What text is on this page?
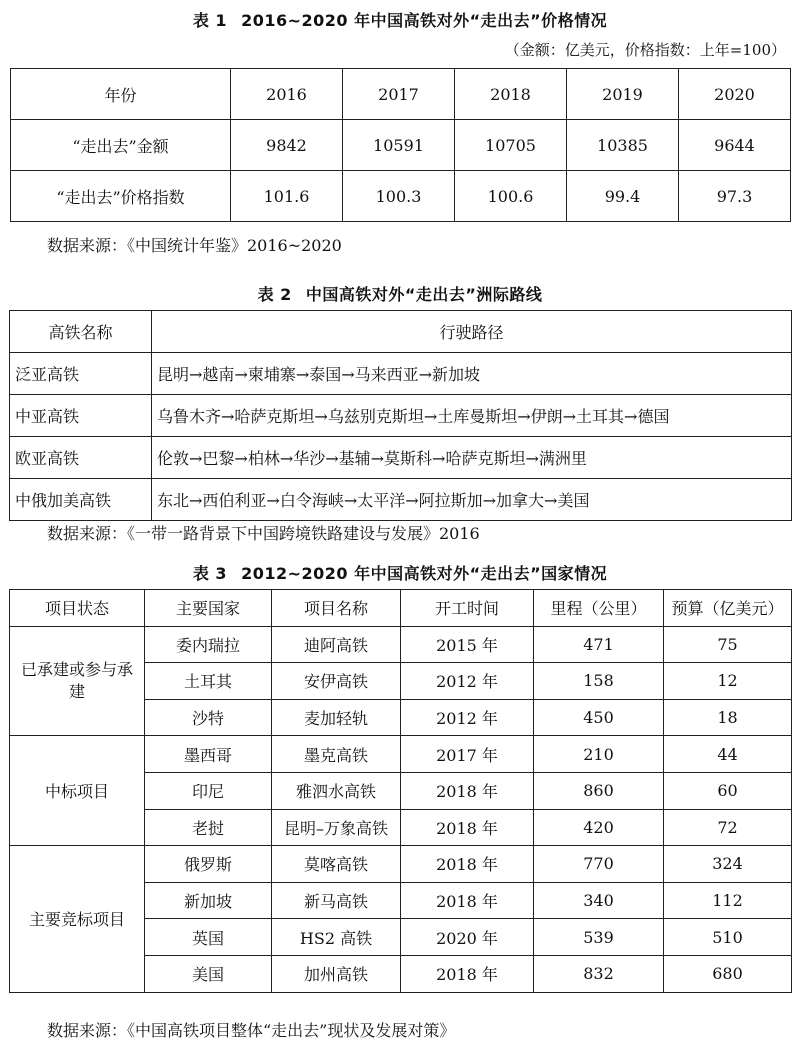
表 1 2016~2020 年中国高铁对外“走出去”价格情况
（金额：亿美元，价格指数：上年=100）
年份	2016	2017	2018	2019	2020
“走出去”金额	9842	10591	10705	10385	9644
“走出去”价格指数	101.6	100.3	100.6	99.4	97.3
数据来源：《中国统计年鉴》2016~2020
表 2 中国高铁对外“走出去”洲际路线
高铁名称	行驶路径
泛亚高铁	昆明→越南→柬埔寨→泰国→马来西亚→新加坡
中亚高铁	乌鲁木齐→哈萨克斯坦→乌兹别克斯坦→土库曼斯坦→伊朗→土耳其→德国
欧亚高铁	伦敦→巴黎→柏林→华沙→基辅→莫斯科→哈萨克斯坦→满洲里
中俄加美高铁	东北→西伯利亚→白令海峡→太平洋→阿拉斯加→加拿大→美国
数据来源：《一带一路背景下中国跨境铁路建设与发展》2016
表 3 2012~2020 年中国高铁对外“走出去”国家情况
项目状态	主要国家	项目名称	开工时间	里程（公里）	预算（亿美元）
已承建或参与承建	委内瑞拉	迪阿高铁	2015 年	471	75
	土耳其	安伊高铁	2012 年	158	12
	沙特	麦加轻轨	2012 年	450	18
中标项目	墨西哥	墨克高铁	2017 年	210	44
	印尼	雅泗水高铁	2018 年	860	60
	老挝	昆明–万象高铁	2018 年	420	72
主要竞标项目	俄罗斯	莫喀高铁	2018 年	770	324
	新加坡	新马高铁	2018 年	340	112
	英国	HS2 高铁	2020 年	539	510
	美国	加州高铁	2018 年	832	680
数据来源：《中国高铁项目整体“走出去”现状及发展对策》
